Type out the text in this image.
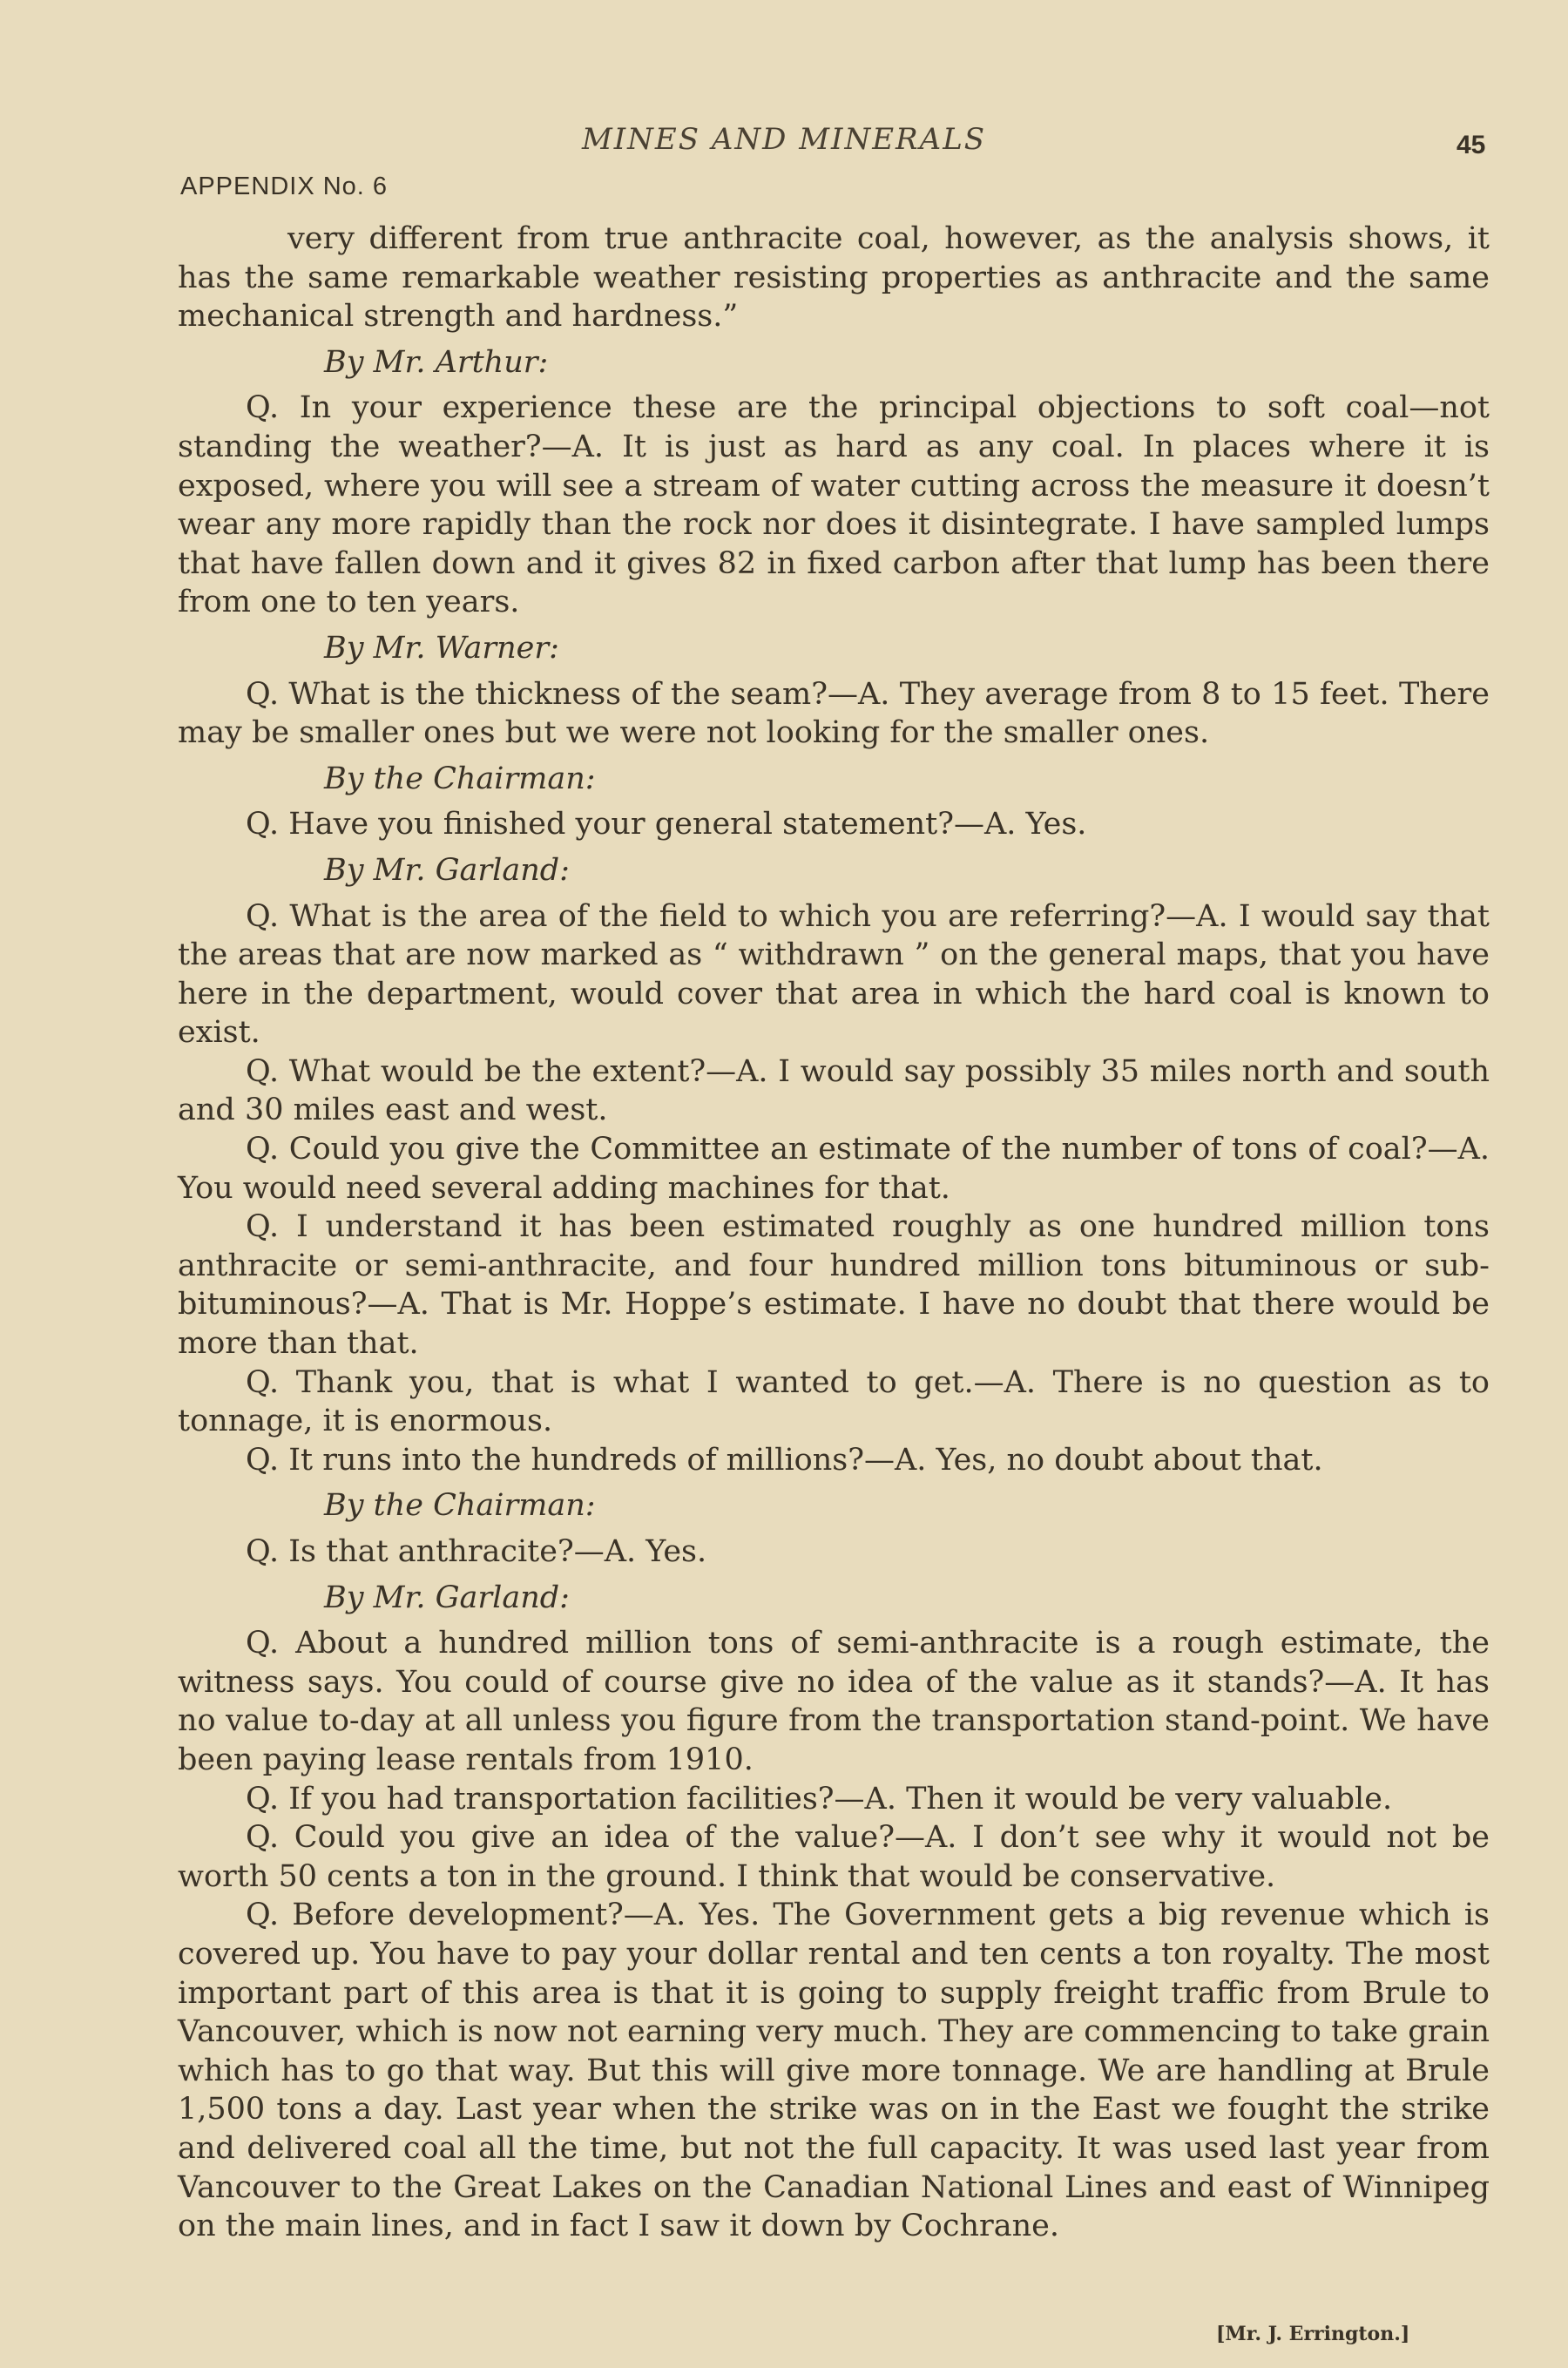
MINES AND MINERALS	45
APPENDIX No. 6

very different from true anthracite coal, however, as the analysis shows, it has the same remarkable weather resisting properties as anthracite and the same mechanical strength and hardness.”

By Mr. Arthur:

Q. In your experience these are the principal objections to soft coal—not standing the weather?—A. It is just as hard as any coal. In places where it is exposed, where you will see a stream of water cutting across the measure it doesn’t wear any more rapidly than the rock nor does it disintegrate. I have sampled lumps that have fallen down and it gives 82 in fixed carbon after that lump has been there from one to ten years.

By Mr. Warner:

Q. What is the thickness of the seam?—A. They average from 8 to 15 feet. There may be smaller ones but we were not looking for the smaller ones.

By the Chairman:

Q. Have you finished your general statement?—A. Yes.

By Mr. Garland:

Q. What is the area of the field to which you are referring?—A. I would say that the areas that are now marked as “ withdrawn ” on the general maps, that you have here in the department, would cover that area in which the hard coal is known to exist.

Q. What would be the extent?—A. I would say possibly 35 miles north and south and 30 miles east and west.

Q. Could you give the Committee an estimate of the number of tons of coal?—A. You would need several adding machines for that.

Q. I understand it has been estimated roughly as one hundred million tons anthracite or semi-anthracite, and four hundred million tons bituminous or sub-bituminous?—A. That is Mr. Hoppe’s estimate. I have no doubt that there would be more than that.

Q. Thank you, that is what I wanted to get.—A. There is no question as to tonnage, it is enormous.

Q. It runs into the hundreds of millions?—A. Yes, no doubt about that.

By the Chairman:

Q. Is that anthracite?—A. Yes.

By Mr. Garland:

Q. About a hundred million tons of semi-anthracite is a rough estimate, the witness says. You could of course give no idea of the value as it stands?—A. It has no value to-day at all unless you figure from the transportation stand-point. We have been paying lease rentals from 1910.

Q. If you had transportation facilities?—A. Then it would be very valuable.

Q. Could you give an idea of the value?—A. I don’t see why it would not be worth 50 cents a ton in the ground. I think that would be conservative.

Q. Before development?—A. Yes. The Government gets a big revenue which is covered up. You have to pay your dollar rental and ten cents a ton royalty. The most important part of this area is that it is going to supply freight traffic from Brule to Vancouver, which is now not earning very much. They are commencing to take grain which has to go that way. But this will give more tonnage. We are handling at Brule 1,500 tons a day. Last year when the strike was on in the East we fought the strike and delivered coal all the time, but not the full capacity. It was used last year from Vancouver to the Great Lakes on the Canadian National Lines and east of Winnipeg on the main lines, and in fact I saw it down by Cochrane.

[Mr. J. Errington.]
